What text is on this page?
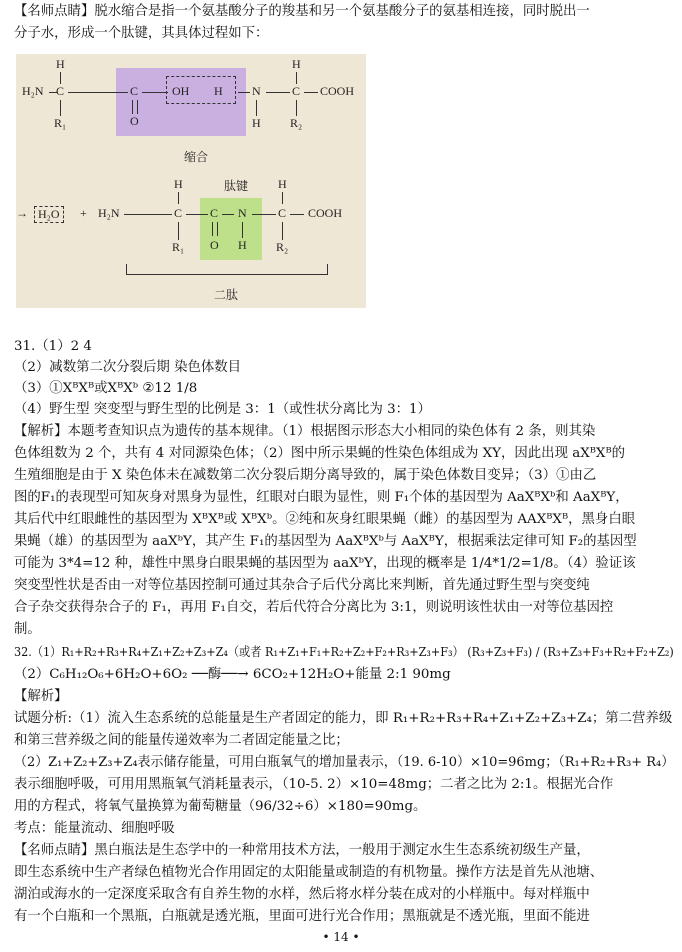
【名师点睛】脱水缩合是指一个氨基酸分子的羧基和另一个氨基酸分子的氨基相连接，同时脱出一
分子水，形成一个肽键，其具体过程如下：
H	H
H₂N C	C	OH H N	C COOH
R₁	O	H R₂
缩合
H	肽键 H
→ H₂O	+ H₂N	C C N	C COOH
R₁ O H R₂
二肽
31.（1）2 4
（2）减数第二次分裂后期 染色体数目
（3）①XᴮXᴮ或XᴮXᵇ ②12 1/8
（4）野生型 突变型与野生型的比例是 3：1（或性状分离比为 3：1）
【解析】本题考查知识点为遗传的基本规律。（1）根据图示形态大小相同的染色体有 2 条，则其染
色体组数为 2 个，共有 4 对同源染色体；（2）图中所示果蝇的性染色体组成为 XY，因此出现 aXᴮXᴮ的
生殖细胞是由于 X 染色体未在减数第二次分裂后期分离导致的，属于染色体数目变异；（3）①由乙
图的F₁的表现型可知灰身对黑身为显性，红眼对白眼为显性，则 F₁个体的基因型为 AaXᴮXᵇ和 AaXᴮY，
其后代中红眼雌性的基因型为 XᴮXᴮ或 XᴮXᵇ。②纯和灰身红眼果蝇（雌）的基因型为 AAXᴮXᴮ，黑身白眼
果蝇（雄）的基因型为 aaXᵇY，其产生 F₁的基因型为 AaXᴮXᵇ与 AaXᴮY，根据乘法定律可知 F₂的基因型
可能为 3*4=12 种，雄性中黑身白眼果蝇的基因型为 aaXᵇY，出现的概率是 1/4*1/2=1/8。（4）验证该
突变型性状是否由一对等位基因控制可通过其杂合子后代分离比来判断，首先通过野生型与突变纯
合子杂交获得杂合子的 F₁，再用 F₁自交，若后代符合分离比为 3:1，则说明该性状由一对等位基因控
制。
32.（1）R₁+R₂+R₃+R₄+Z₁+Z₂+Z₃+Z₄（或者 R₁+Z₁+F₁+R₂+Z₂+F₂+R₃+Z₃+F₃） (R₃+Z₃+F₃) / (R₃+Z₃+F₃+R₂+F₂+Z₂)
（2）C₆H₁₂O₆+6H₂O+6O₂ ──酶──→ 6CO₂+12H₂O+能量 2:1 90mg
【解析】
试题分析:（1）流入生态系统的总能量是生产者固定的能力，即 R₁+R₂+R₃+R₄+Z₁+Z₂+Z₃+Z₄；第二营养级
和第三营养级之间的能量传递效率为二者固定能量之比；
（2）Z₁+Z₂+Z₃+Z₄表示储存能量，可用白瓶氧气的增加量表示，（19. 6-10）×10=96mg；（R₁+R₂+R₃+ R₄）
表示细胞呼吸，可用用黑瓶氧气消耗量表示，（10-5. 2）×10=48mg；二者之比为 2:1。根据光合作
用的方程式，将氧气量换算为葡萄糖量（96/32÷6）×180=90mg。
考点：能量流动、细胞呼吸
【名师点睛】黑白瓶法是生态学中的一种常用技术方法，一般用于测定水生生态系统初级生产量，
即生态系统中生产者绿色植物光合作用固定的太阳能量或制造的有机物量。操作方法是首先从池塘、
湖泊或海水的一定深度采取含有自养生物的水样，然后将水样分装在成对的小样瓶中。每对样瓶中
有一个白瓶和一个黑瓶，白瓶就是透光瓶，里面可进行光合作用；黑瓶就是不透光瓶，里面不能进
• 14 •
